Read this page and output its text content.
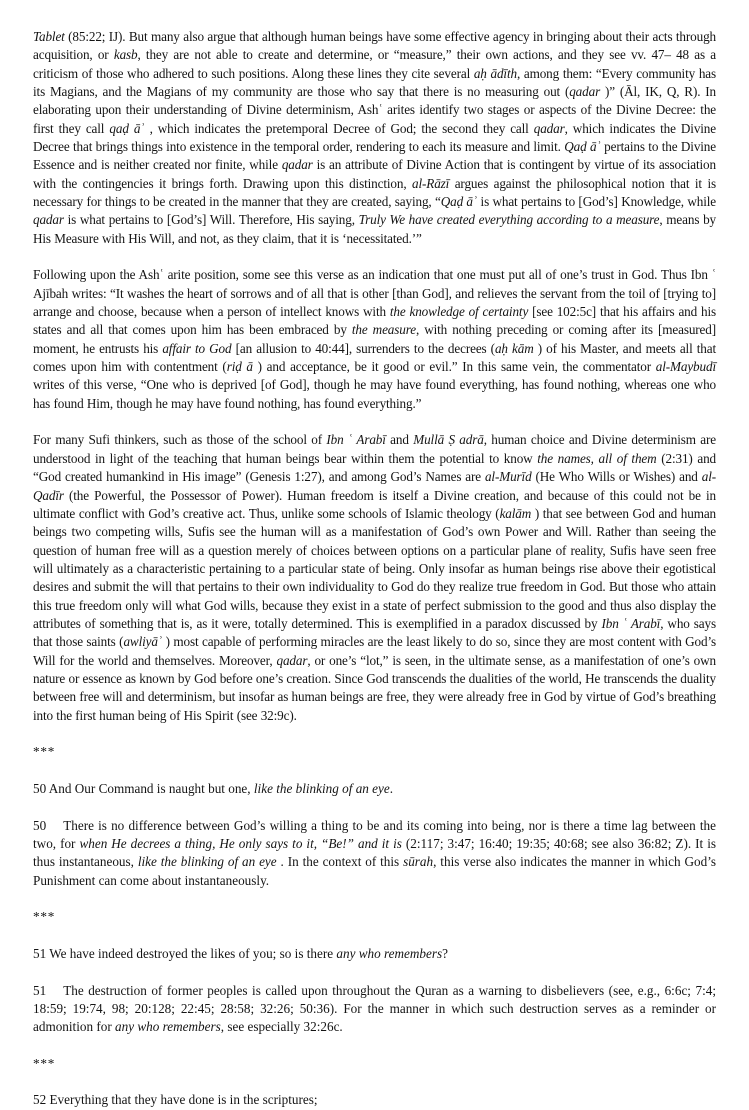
Tablet (85:22; IJ). But many also argue that although human beings have some effective agency in bringing about their acts through acquisition, or kasb, they are not able to create and determine, or “measure,” their own actions, and they see vv. 47– 48 as a criticism of those who adhered to such positions. Along these lines they cite several aḥ ādīth, among them: “Every community has its Magians, and the Magians of my community are those who say that there is no measuring out (qadar )” (Āl, IK, Q, R). In elaborating upon their understanding of Divine determinism, Ashʿ arites identify two stages or aspects of the Divine Decree: the first they call qaḍ āʾ , which indicates the pretemporal Decree of God; the second they call qadar, which indicates the Divine Decree that brings things into existence in the temporal order, rendering to each its measure and limit. Qaḍ āʾ pertains to the Divine Essence and is neither created nor finite, while qadar is an attribute of Divine Action that is contingent by virtue of its association with the contingencies it brings forth. Drawing upon this distinction, al-Rāzī argues against the philosophical notion that it is necessary for things to be created in the manner that they are created, saying, “Qaḍ āʾ is what pertains to [God’s] Knowledge, while qadar is what pertains to [God’s] Will. Therefore, His saying, Truly We have created everything according to a measure, means by His Measure with His Will, and not, as they claim, that it is ‘necessitated.’”

Following upon the Ashʿ arite position, some see this verse as an indication that one must put all of one’s trust in God. Thus Ibn ʿ Ajībah writes: “It washes the heart of sorrows and of all that is other [than God], and relieves the servant from the toil of [trying to] arrange and choose, because when a person of intellect knows with the knowledge of certainty [see 102:5c] that his affairs and his states and all that comes upon him has been embraced by the measure, with nothing preceding or coming after its [measured] moment, he entrusts his affair to God [an allusion to 40:44], surrenders to the decrees (aḥ kām ) of his Master, and meets all that comes upon him with contentment (riḍ ā ) and acceptance, be it good or evil.” In this same vein, the commentator al-Maybudī writes of this verse, “One who is deprived [of God], though he may have found everything, has found nothing, whereas one who has found Him, though he may have found nothing, has found everything.”

For many Sufi thinkers, such as those of the school of Ibn ʿ Arabī and Mullā Ṣ adrā, human choice and Divine determinism are understood in light of the teaching that human beings bear within them the potential to know the names, all of them (2:31) and “God created humankind in His image” (Genesis 1:27), and among God’s Names are al-Murīd (He Who Wills or Wishes) and al-Qadīr (the Powerful, the Possessor of Power). Human freedom is itself a Divine creation, and because of this could not be in ultimate conflict with God’s creative act. Thus, unlike some schools of Islamic theology (kalām ) that see between God and human beings two competing wills, Sufis see the human will as a manifestation of God’s own Power and Will. Rather than seeing the question of human free will as a question merely of choices between options on a particular plane of reality, Sufis have seen free will ultimately as a characteristic pertaining to a particular state of being. Only insofar as human beings rise above their egotistical desires and submit the will that pertains to their own individuality to God do they realize true freedom in God. But those who attain this true freedom only will what God wills, because they exist in a state of perfect submission to the good and thus also display the attributes of something that is, as it were, totally determined. This is exemplified in a paradox discussed by Ibn ʿ Arabī, who says that those saints (awliyāʾ ) most capable of performing miracles are the least likely to do so, since they are most content with God’s Will for the world and themselves. Moreover, qadar, or one’s “lot,” is seen, in the ultimate sense, as a manifestation of one’s own nature or essence as known by God before one’s creation. Since God transcends the dualities of the world, He transcends the duality between free will and determinism, but insofar as human beings are free, they were already free in God by virtue of God’s breathing into the first human being of His Spirit (see 32:9c).

***

50 And Our Command is naught but one, like the blinking of an eye.

50 There is no difference between God’s willing a thing to be and its coming into being, nor is there a time lag between the two, for when He decrees a thing, He only says to it, “Be!” and it is (2:117; 3:47; 16:40; 19:35; 40:68; see also 36:82; Z). It is thus instantaneous, like the blinking of an eye . In the context of this sūrah, this verse also indicates the manner in which God’s Punishment can come about instantaneously.

***

51 We have indeed destroyed the likes of you; so is there any who remembers?

51 The destruction of former peoples is called upon throughout the Quran as a warning to disbelievers (see, e.g., 6:6c; 7:4; 18:59; 19:74, 98; 20:128; 22:45; 28:58; 32:26; 50:36). For the manner in which such destruction serves as a reminder or admonition for any who remembers, see especially 32:26c.

***

52 Everything that they have done is in the scriptures;
